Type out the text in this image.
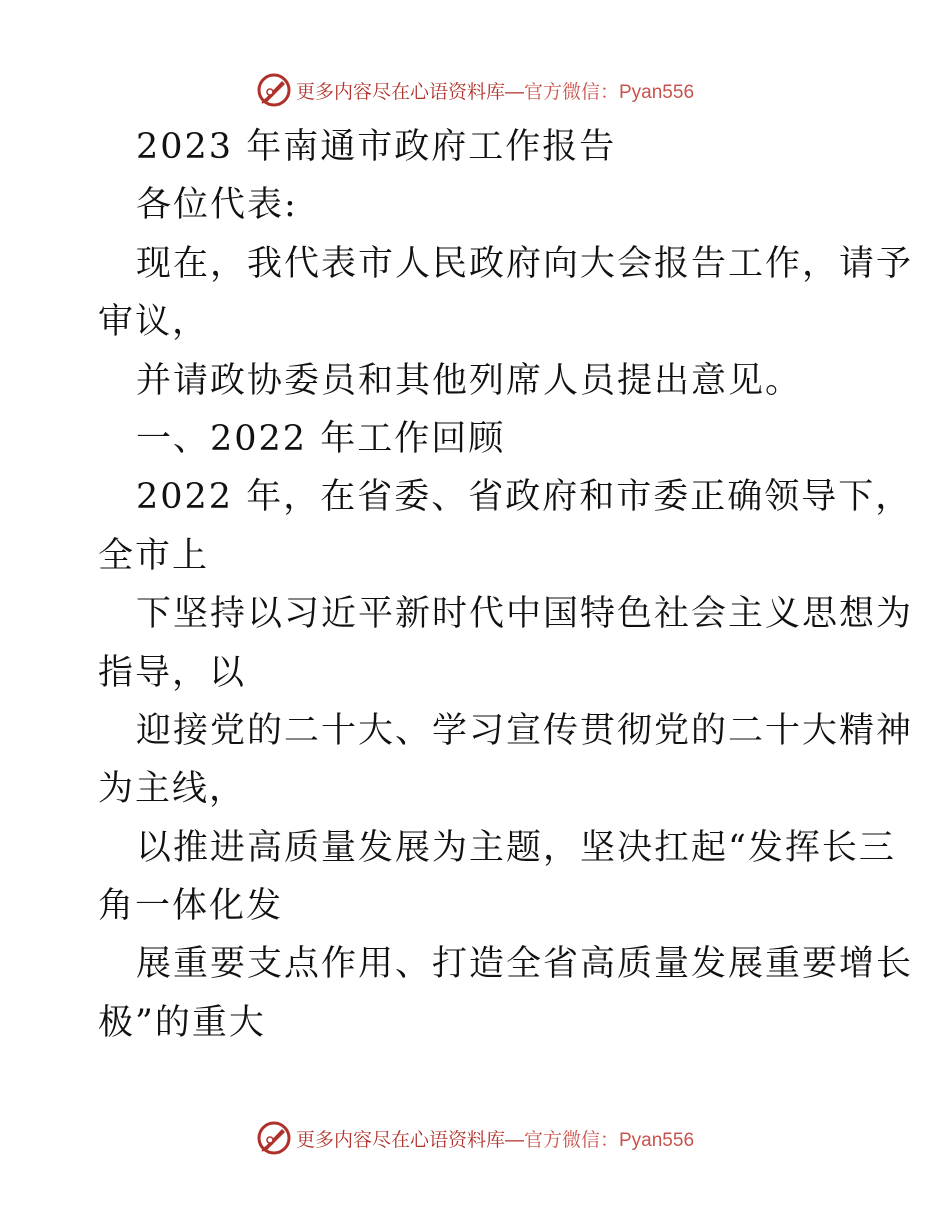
更多内容尽在心语资料库—官方微信：Pyan556
2023 年南通市政府工作报告
各位代表:
现在，我代表市人民政府向大会报告工作，请予
审议，
并请政协委员和其他列席人员提出意见。
一、2022 年工作回顾
2022 年，在省委、省政府和市委正确领导下，
全市上
下坚持以习近平新时代中国特色社会主义思想为
指导，以
迎接党的二十大、学习宣传贯彻党的二十大精神
为主线，
以推进高质量发展为主题，坚决扛起“发挥长三
角一体化发
展重要支点作用、打造全省高质量发展重要增长
极”的重大
更多内容尽在心语资料库—官方微信：Pyan556
